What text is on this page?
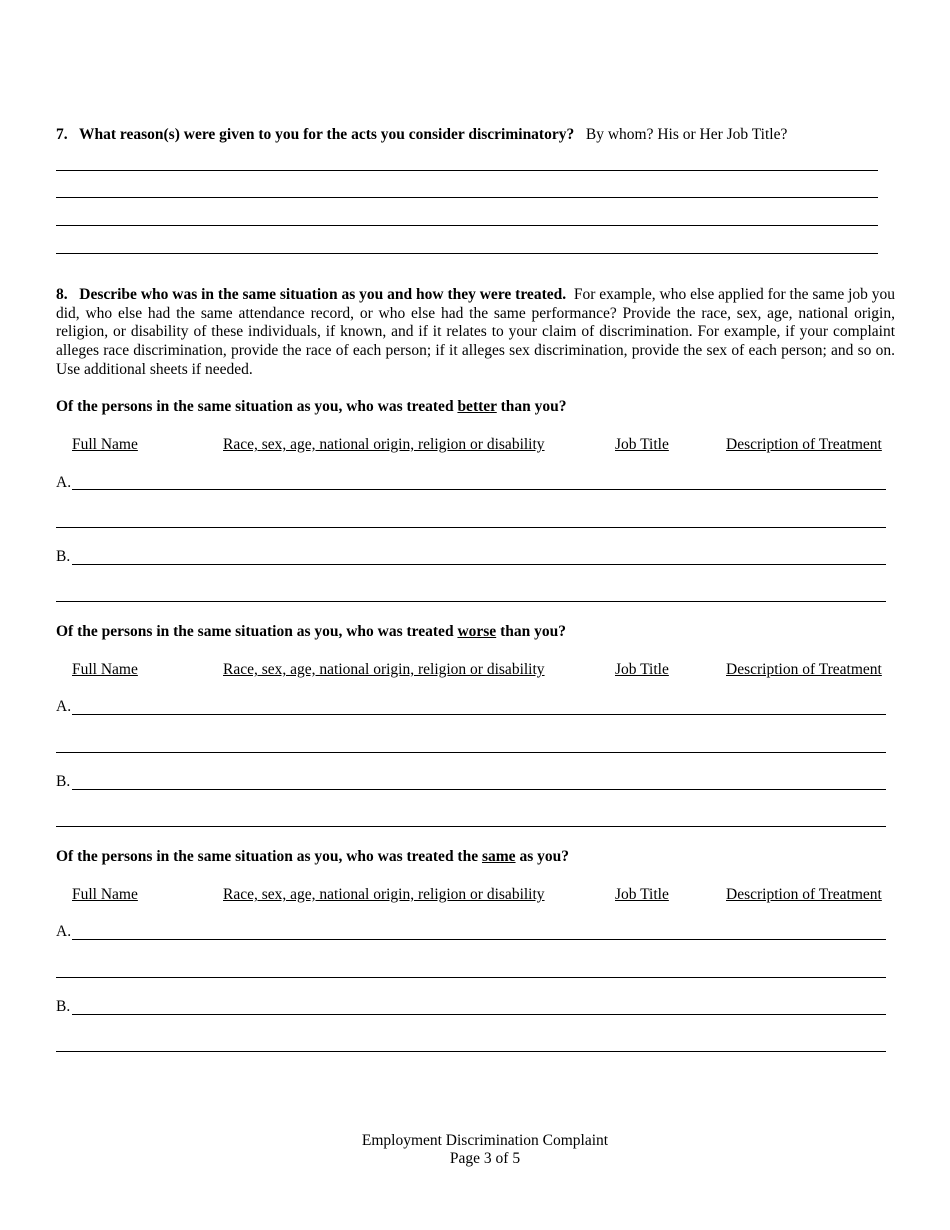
7. What reason(s) were given to you for the acts you consider discriminatory? By whom? His or Her Job Title?
8. Describe who was in the same situation as you and how they were treated. For example, who else applied for the same job you did, who else had the same attendance record, or who else had the same performance? Provide the race, sex, age, national origin, religion, or disability of these individuals, if known, and if it relates to your claim of discrimination. For example, if your complaint alleges race discrimination, provide the race of each person; if it alleges sex discrimination, provide the sex of each person; and so on. Use additional sheets if needed.
Of the persons in the same situation as you, who was treated better than you?
Full Name	Race, sex, age, national origin, religion or disability	Job Title	Description of Treatment
A.
B.
Of the persons in the same situation as you, who was treated worse than you?
Full Name	Race, sex, age, national origin, religion or disability	Job Title	Description of Treatment
A.
B.
Of the persons in the same situation as you, who was treated the same as you?
Full Name	Race, sex, age, national origin, religion or disability	Job Title	Description of Treatment
A.
B.
Employment Discrimination Complaint
Page 3 of 5
